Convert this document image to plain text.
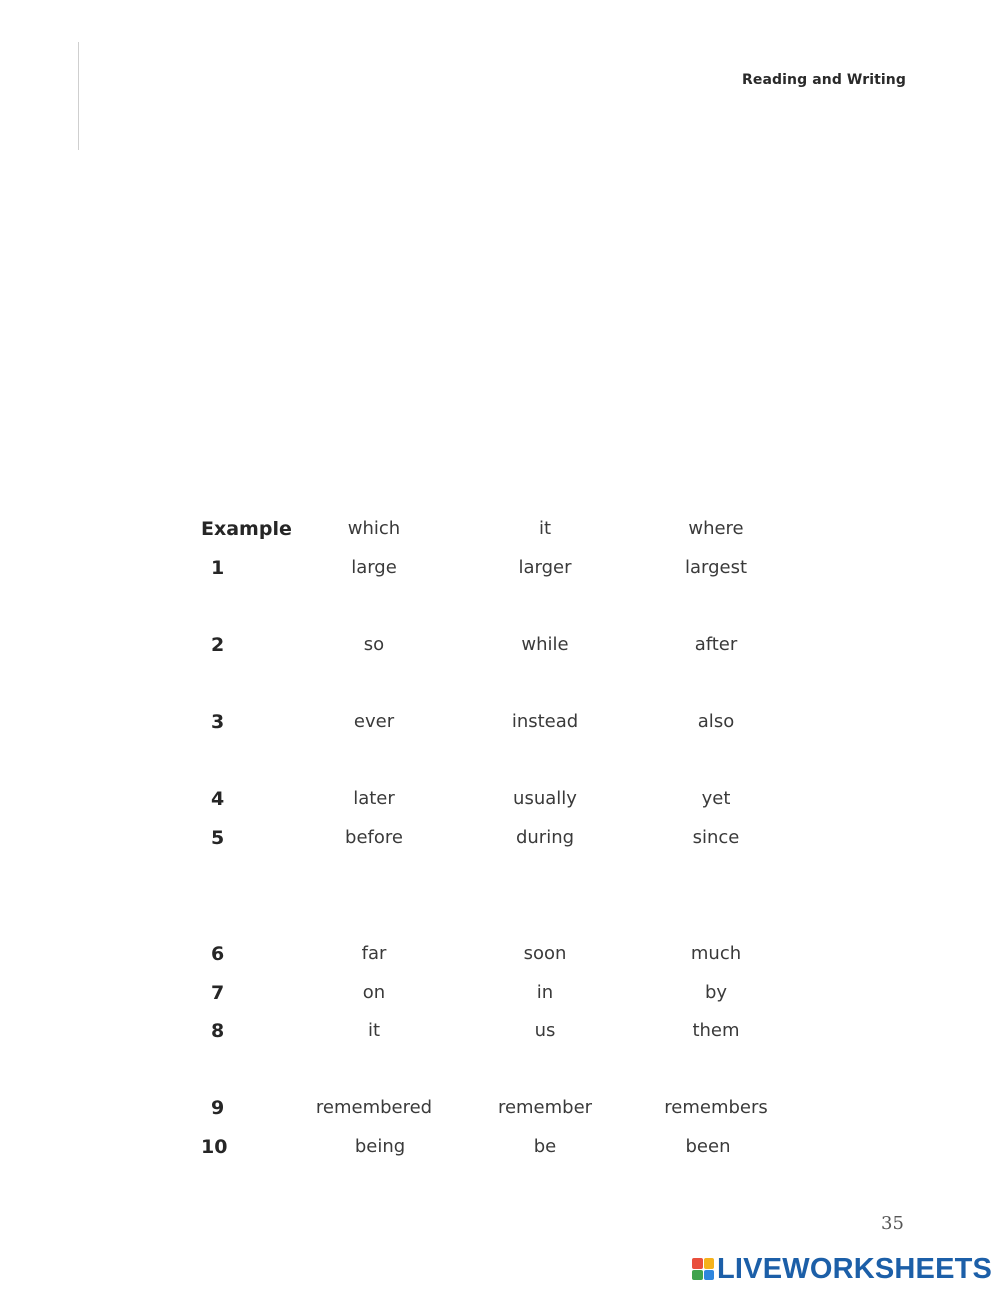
Reading and Writing
Example	which	it	where
1	large	larger	largest
2	so	while	after
3	ever	instead	also
4	later	usually	yet
5	before	during	since
6	far	soon	much
7	on	in	by
8	it	us	them
9	remembered	remember	remembers
10	being	be	been
35
LIVEWORKSHEETS
